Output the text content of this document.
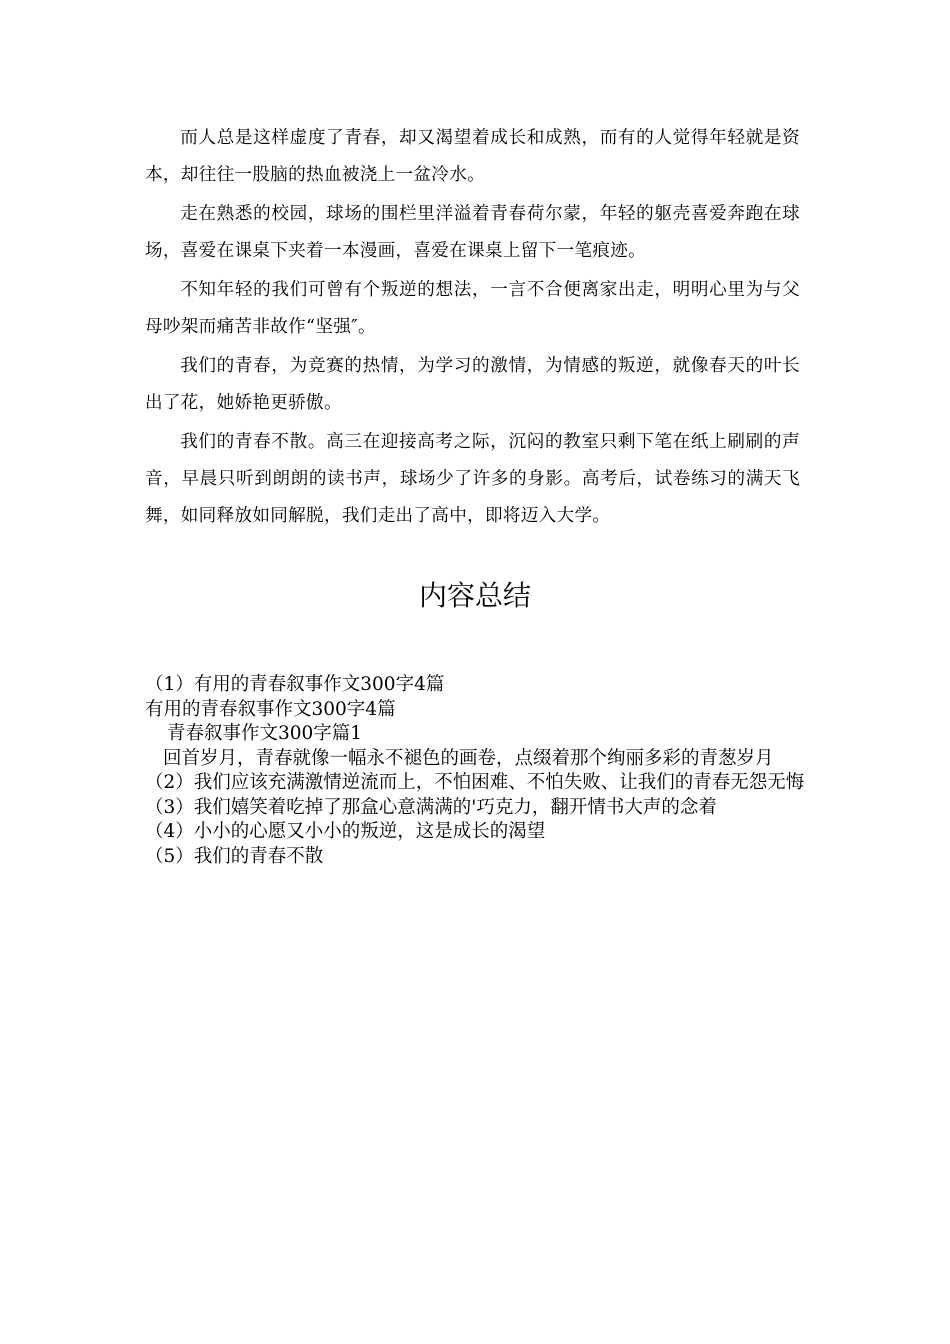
而人总是这样虚度了青春，却又渴望着成长和成熟，而有的人觉得年轻就是资本，却往往一股脑的热血被浇上一盆冷水。

走在熟悉的校园，球场的围栏里洋溢着青春荷尔蒙，年轻的躯壳喜爱奔跑在球场，喜爱在课桌下夹着一本漫画，喜爱在课桌上留下一笔痕迹。

不知年轻的我们可曾有个叛逆的想法，一言不合便离家出走，明明心里为与父母吵架而痛苦非故作“坚强″。

我们的青春，为竞赛的热情，为学习的激情，为情感的叛逆，就像春天的叶长出了花，她娇艳更骄傲。

我们的青春不散。高三在迎接高考之际，沉闷的教室只剩下笔在纸上刷刷的声音，早晨只听到朗朗的读书声，球场少了许多的身影。高考后，试卷练习的满天飞舞，如同释放如同解脱，我们走出了高中，即将迈入大学。

内容总结

（1）有用的青春叙事作文300字4篇

有用的青春叙事作文300字4篇

青春叙事作文300字篇1

回首岁月，青春就像一幅永不褪色的画卷，点缀着那个绚丽多彩的青葱岁月

（2）我们应该充满激情逆流而上，不怕困难、不怕失败、让我们的青春无怨无悔

（3）我们嬉笑着吃掉了那盒心意满满的'巧克力，翻开情书大声的念着

（4）小小的心愿又小小的叛逆，这是成长的渴望

（5）我们的青春不散
